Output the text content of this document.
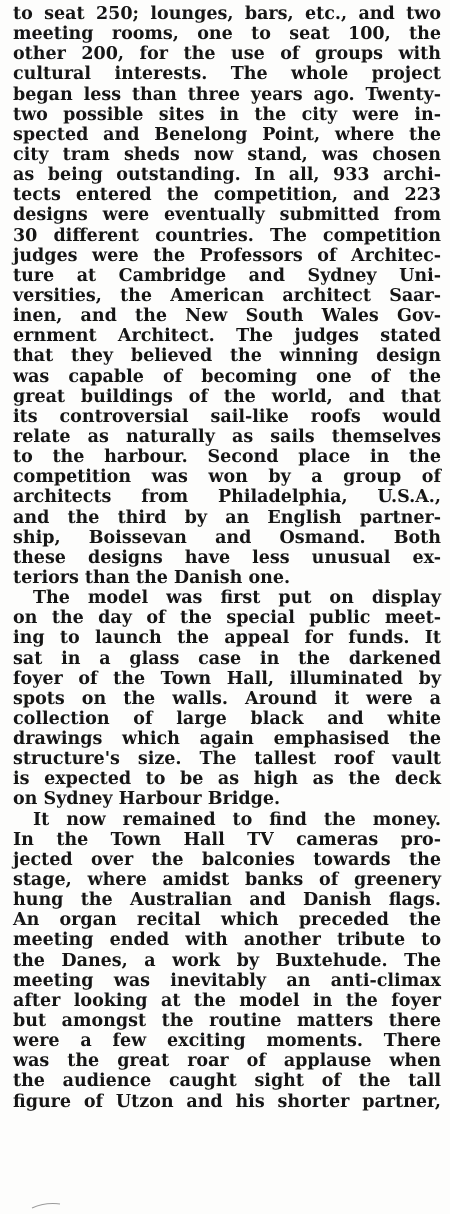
to seat 250; lounges, bars, etc., and two
meeting rooms, one to seat 100, the
other 200, for the use of groups with
cultural interests. The whole project
began less than three years ago. Twenty-
two possible sites in the city were in-
spected and Benelong Point, where the
city tram sheds now stand, was chosen
as being outstanding. In all, 933 archi-
tects entered the competition, and 223
designs were eventually submitted from
30 different countries. The competition
judges were the Professors of Architec-
ture at Cambridge and Sydney Uni-
versities, the American architect Saar-
inen, and the New South Wales Gov-
ernment Architect. The judges stated
that they believed the winning design
was capable of becoming one of the
great buildings of the world, and that
its controversial sail-like roofs would
relate as naturally as sails themselves
to the harbour. Second place in the
competition was won by a group of
architects from Philadelphia, U.S.A.,
and the third by an English partner-
ship, Boissevan and Osmand. Both
these designs have less unusual ex-
teriors than the Danish one.
The model was first put on display
on the day of the special public meet-
ing to launch the appeal for funds. It
sat in a glass case in the darkened
foyer of the Town Hall, illuminated by
spots on the walls. Around it were a
collection of large black and white
drawings which again emphasised the
structure's size. The tallest roof vault
is expected to be as high as the deck
on Sydney Harbour Bridge.
It now remained to find the money.
In the Town Hall TV cameras pro-
jected over the balconies towards the
stage, where amidst banks of greenery
hung the Australian and Danish flags.
An organ recital which preceded the
meeting ended with another tribute to
the Danes, a work by Buxtehude. The
meeting was inevitably an anti-climax
after looking at the model in the foyer
but amongst the routine matters there
were a few exciting moments. There
was the great roar of applause when
the audience caught sight of the tall
figure of Utzon and his shorter partner,
